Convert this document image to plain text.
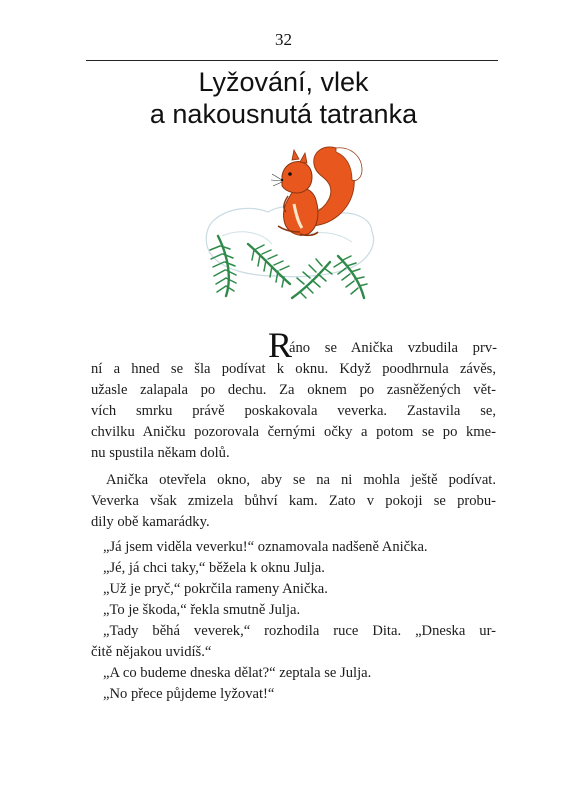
32
Lyžování, vlek
a nakousnutá tatranka
R
áno se Anička vzbudila prv-
ní a hned se šla podívat k oknu. Když poodhrnula závěs,
užasle zalapala po dechu. Za oknem po zasněžených vět-
vích smrku právě poskakovala veverka. Zastavila se,
chvilku Aničku pozorovala černými očky a potom se po kme-
nu spustila někam dolů.
Anička otevřela okno, aby se na ni mohla ještě podívat.
Veverka však zmizela bůhví kam. Zato v pokoji se probu-
dily obě kamarádky.
„Já jsem viděla veverku!“ oznamovala nadšeně Anička.
„Jé, já chci taky,“ běžela k oknu Julja.
„Už je pryč,“ pokrčila rameny Anička.
„To je škoda,“ řekla smutně Julja.
„Tady běhá veverek,“ rozhodila ruce Dita. „Dneska ur-
čitě nějakou uvidíš.“
„A co budeme dneska dělat?“ zeptala se Julja.
„No přece půjdeme lyžovat!“
